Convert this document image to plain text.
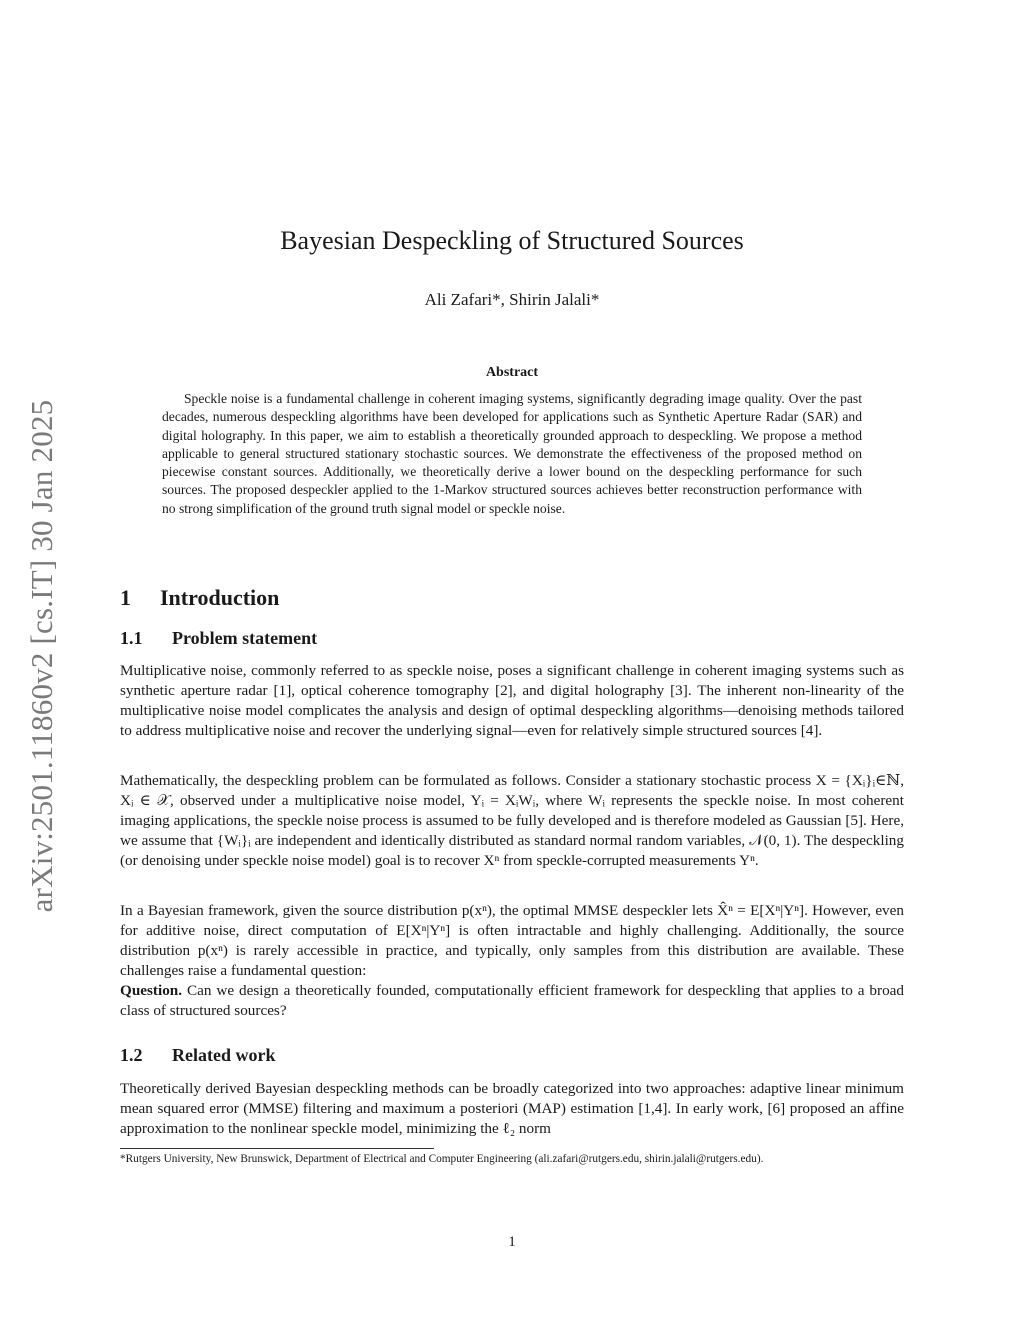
arXiv:2501.11860v2 [cs.IT] 30 Jan 2025
Bayesian Despeckling of Structured Sources
Ali Zafari*, Shirin Jalali*
Abstract
Speckle noise is a fundamental challenge in coherent imaging systems, significantly degrading image quality. Over the past decades, numerous despeckling algorithms have been developed for applications such as Synthetic Aperture Radar (SAR) and digital holography. In this paper, we aim to establish a theoretically grounded approach to despeckling. We propose a method applicable to general structured stationary stochastic sources. We demonstrate the effectiveness of the proposed method on piecewise constant sources. Additionally, we theoretically derive a lower bound on the despeckling performance for such sources. The proposed despeckler applied to the 1-Markov structured sources achieves better reconstruction performance with no strong simplification of the ground truth signal model or speckle noise.
1 Introduction
1.1 Problem statement
Multiplicative noise, commonly referred to as speckle noise, poses a significant challenge in coherent imaging systems such as synthetic aperture radar [1], optical coherence tomography [2], and digital holography [3]. The inherent non-linearity of the multiplicative noise model complicates the analysis and design of optimal despeckling algorithms—denoising methods tailored to address multiplicative noise and recover the underlying signal—even for relatively simple structured sources [4].
Mathematically, the despeckling problem can be formulated as follows. Consider a stationary stochastic process X = {Xᵢ}ᵢ∈ℕ, Xᵢ ∈ 𝒳, observed under a multiplicative noise model, Yᵢ = XᵢWᵢ, where Wᵢ represents the speckle noise. In most coherent imaging applications, the speckle noise process is assumed to be fully developed and is therefore modeled as Gaussian [5]. Here, we assume that {Wᵢ}ᵢ are independent and identically distributed as standard normal random variables, 𝒩(0, 1). The despeckling (or denoising under speckle noise model) goal is to recover Xⁿ from speckle-corrupted measurements Yⁿ.
In a Bayesian framework, given the source distribution p(xⁿ), the optimal MMSE despeckler lets X̂ⁿ = E[Xⁿ|Yⁿ]. However, even for additive noise, direct computation of E[Xⁿ|Yⁿ] is often intractable and highly challenging. Additionally, the source distribution p(xⁿ) is rarely accessible in practice, and typically, only samples from this distribution are available. These challenges raise a fundamental question:
Question. Can we design a theoretically founded, computationally efficient framework for despeckling that applies to a broad class of structured sources?
1.2 Related work
Theoretically derived Bayesian despeckling methods can be broadly categorized into two approaches: adaptive linear minimum mean squared error (MMSE) filtering and maximum a posteriori (MAP) estimation [1,4]. In early work, [6] proposed an affine approximation to the nonlinear speckle model, minimizing the ℓ₂ norm
*Rutgers University, New Brunswick, Department of Electrical and Computer Engineering (ali.zafari@rutgers.edu, shirin.jalali@rutgers.edu).
1
